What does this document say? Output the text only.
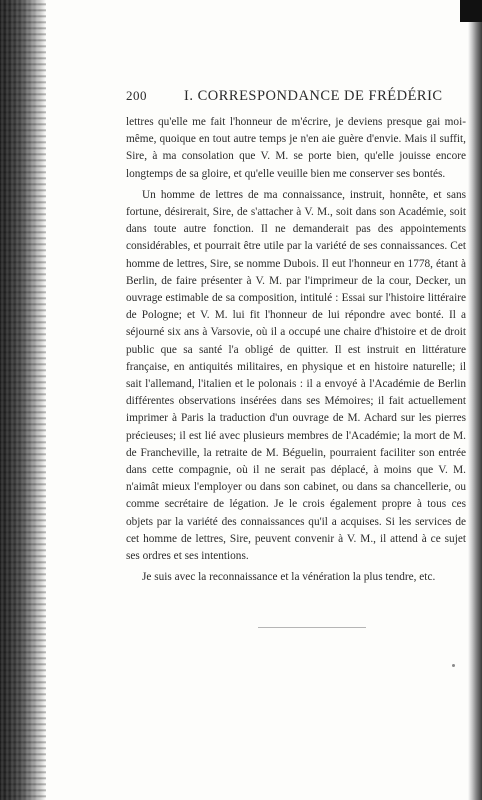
200	I. CORRESPONDANCE DE FRÉDÉRIC

lettres qu'elle me fait l'honneur de m'écrire, je deviens presque gai moi-même, quoique en tout autre temps je n'en aie guère d'envie. Mais il suffit, Sire, à ma consolation que V. M. se porte bien, qu'elle jouisse encore longtemps de sa gloire, et qu'elle veuille bien me conserver ses bontés.

Un homme de lettres de ma connaissance, instruit, honnête, et sans fortune, désirerait, Sire, de s'attacher à V. M., soit dans son Académie, soit dans toute autre fonction. Il ne demanderait pas des appointements considérables, et pourrait être utile par la variété de ses connaissances. Cet homme de lettres, Sire, se nomme Dubois. Il eut l'honneur en 1778, étant à Berlin, de faire présenter à V. M. par l'imprimeur de la cour, Decker, un ouvrage estimable de sa composition, intitulé : Essai sur l'histoire littéraire de Pologne; et V. M. lui fit l'honneur de lui répondre avec bonté. Il a séjourné six ans à Varsovie, où il a occupé une chaire d'histoire et de droit public que sa santé l'a obligé de quitter. Il est instruit en littérature française, en antiquités militaires, en physique et en histoire naturelle; il sait l'allemand, l'italien et le polonais : il a envoyé à l'Académie de Berlin différentes observations insérées dans ses Mémoires; il fait actuellement imprimer à Paris la traduction d'un ouvrage de M. Achard sur les pierres précieuses; il est lié avec plusieurs membres de l'Académie; la mort de M. de Francheville, la retraite de M. Béguelin, pourraient faciliter son entrée dans cette compagnie, où il ne serait pas déplacé, à moins que V. M. n'aimât mieux l'employer ou dans son cabinet, ou dans sa chancellerie, ou comme secrétaire de légation. Je le crois également propre à tous ces objets par la variété des connaissances qu'il a acquises. Si les services de cet homme de lettres, Sire, peuvent convenir à V. M., il attend à ce sujet ses ordres et ses intentions.

Je suis avec la reconnaissance et la vénération la plus tendre, etc.
